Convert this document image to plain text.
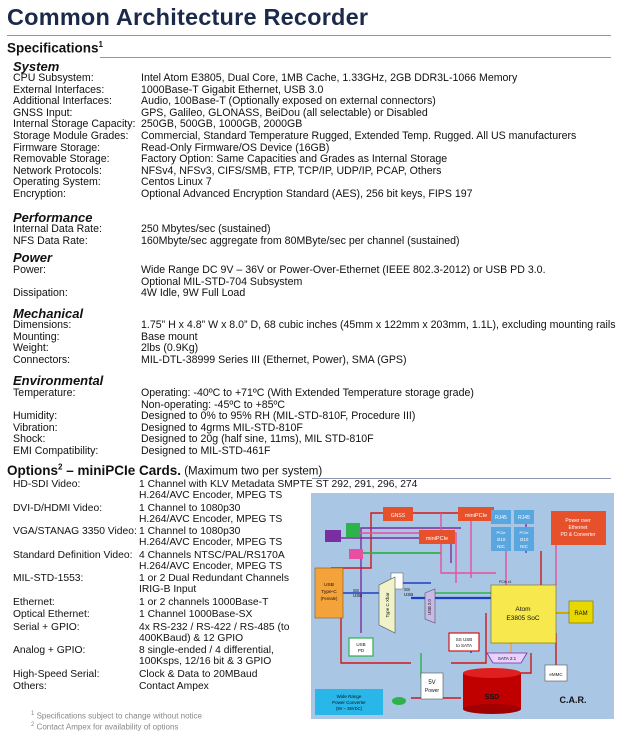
Common Architecture Recorder
Specifications$^1$
System
CPU Subsystem:	Intel Atom E3805, Dual Core, 1MB Cache, 1.33GHz, 2GB DDR3L-1066 Memory
External Interfaces:	1000Base-T Gigabit Ethernet, USB 3.0
Additional Interfaces:	Audio, 100Base-T (Optionally exposed on external connectors)
GNSS Input:	GPS, Galileo, GLONASS, BeiDou (all selectable) or Disabled
Internal Storage Capacity: 250GB, 500GB, 1000GB, 2000GB
Storage Module Grades: Commercial, Standard Temperature Rugged, Extended Temp. Rugged. All US manufacturers
Firmware Storage:	Read-Only Firmware/OS Device (16GB)
Removable Storage:	Factory Option: Same Capacities and Grades as Internal Storage
Network Protocols:	NFSv4, NFSv3, CIFS/SMB, FTP, TCP/IP, UDP/IP, PCAP, Others
Operating System:	Centos Linux 7
Encryption:	Optional Advanced Encryption Standard (AES), 256 bit keys, FIPS 197
Performance
Internal Data Rate:	250 Mbytes/sec (sustained)
NFS Data Rate:	160Mbyte/sec aggregate from 80MByte/sec per channel (sustained)
Power
Power:	Wide Range DC 9V – 36V or Power-Over-Ethernet (IEEE 802.3-2012) or USB PD 3.0.
Optional MIL-STD-704 Subsystem
Dissipation:	4W Idle, 9W Full Load
Mechanical
Dimensions:	1.75” H x 4.8” W x 8.0” D, 68 cubic inches (45mm x 122mm x 203mm, 1.1L), excluding mounting rails
Mounting:	Base mount
Weight:	2lbs (0.9Kg)
Connectors:	MIL-DTL-38999 Series III (Ethernet, Power), SMA (GPS)
Environmental
Temperature:	Operating: -40ºC to +71ºC (With Extended Temperature storage grade)
Non-operating: -45ºC to +85ºC
Humidity:	Designed to 0% to 95% RH (MIL-STD-810F, Procedure III)
Vibration:	Designed to 4grms MIL-STD-810F
Shock:	Designed to 20g (half sine, 11ms), MIL STD-810F
EMI Compatibility:	Designed to MIL-STD-461F
Options$^2$ – miniPCIe Cards. (Maximum two per system)
HD-SDI Video:	1 Channel with KLV Metadata SMPTE ST 292, 291, 296, 274
H.264/AVC Encoder, MPEG TS
DVI-D/HDMI Video:	1 Channel to 1080p30
H.264/AVC Encoder, MPEG TS
VGA/STANAG 3350 Video: 1 Channel to 1080p30
H.264/AVC Encoder, MPEG TS
Standard Definition Video: 4 Channels NTSC/PAL/RS170A
H.264/AVC Encoder, MPEG TS
MIL-STD-1553:	1 or 2 Dual Redundant Channels
IRIG-B Input
Ethernet:	1 or 2 channels 1000Base-T
Optical Ethernet:	1 Channel 1000Base-SX
Serial + GPIO:	4x RS-232 / RS-422 / RS-485 (to
400KBaud) & 12 GPIO
Analog + GPIO:	8 single-ended / 4 differential,
100Ksps, 12/16 bit & 3 GPIO
High-Speed Serial:	Clock & Data to 20MBaud
Others:	Contact Ampex
$^1$ Specifications subject to change without notice
$^2$ Contact Ampex for availability of options
GNSS	miniPCIe
miniPCIe
PCIe x1
RJ45 RJ45
PCIe
I210
NIC
PCIe
I210
NIC
Power over
Ethernet
PD & Converter
Atom
E3805 SoC
RAM
USB
Type-C
(Female)	Type C Xbar
SS
USB
SS
USB
USB 2.0
USB
PD
SS USB
to SATA
SATA 2:1
eMMC
5V
Power
Wide Range
Power Converter
(9V – 36VDC)
SSD	C.A.R.
